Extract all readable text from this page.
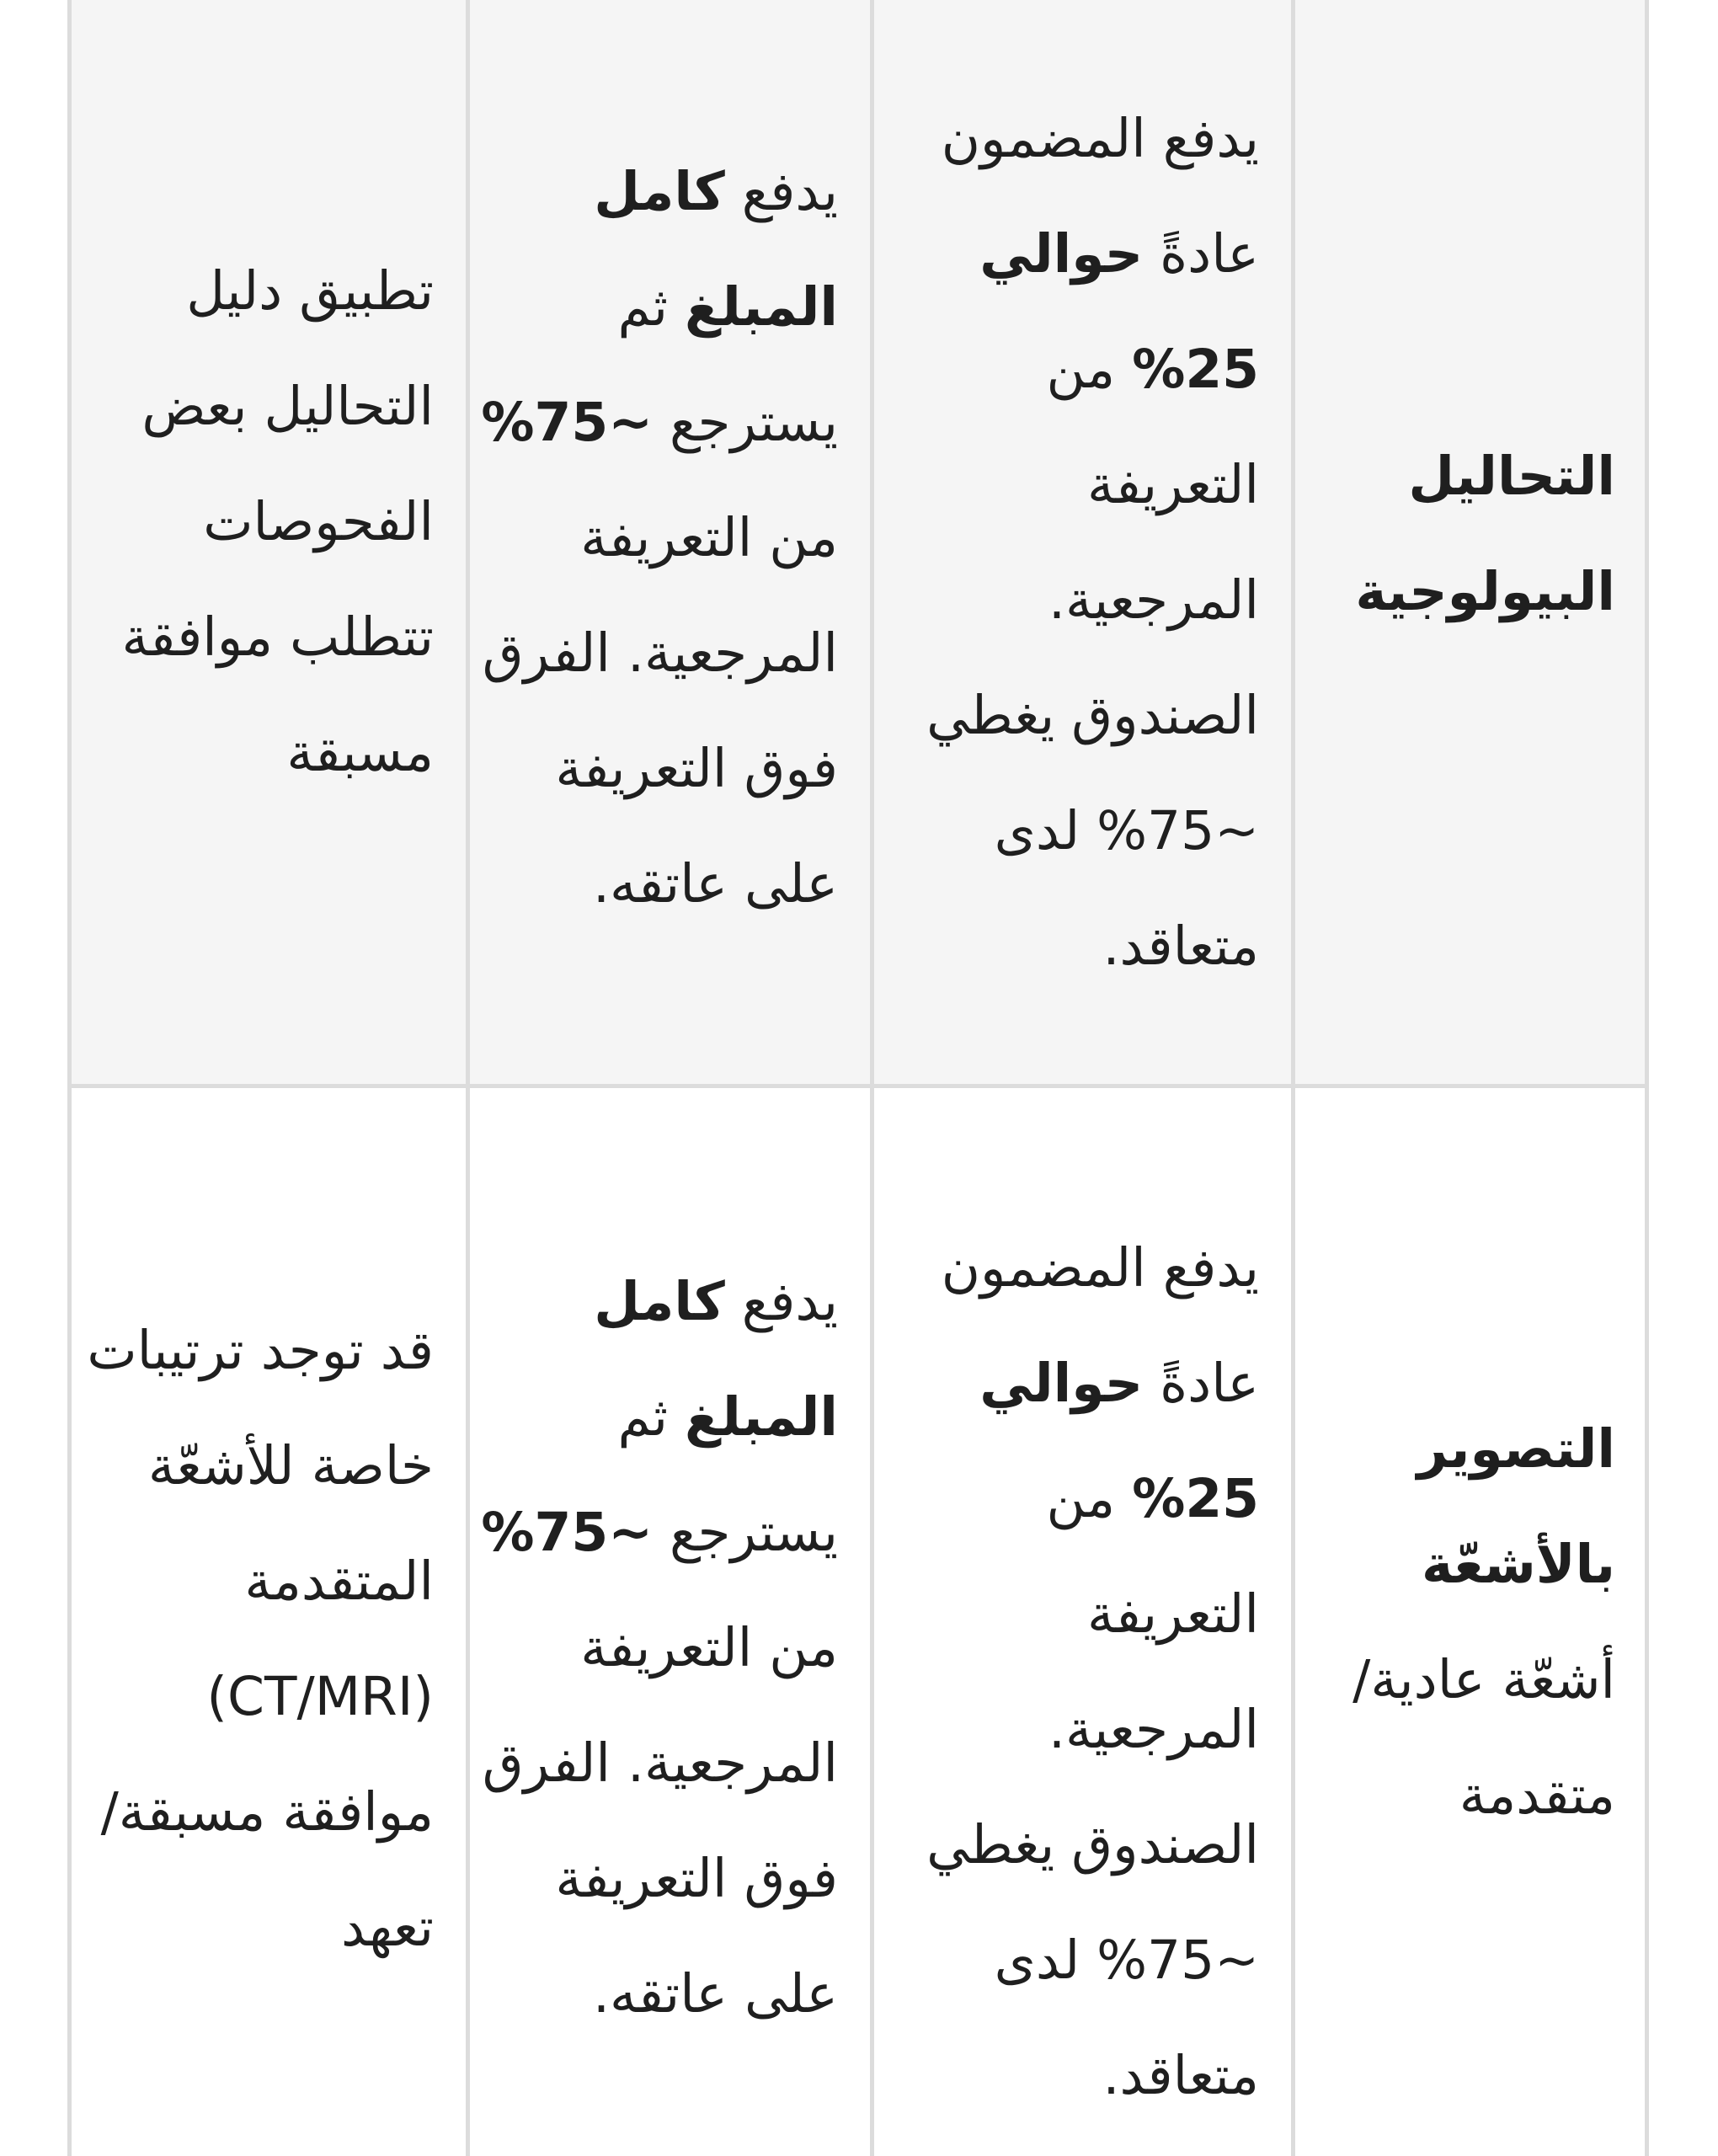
التحاليل البيولوجية
يدفع المضمون عادةً حوالي 25% من التعريفة المرجعية. الصندوق يغطي ~75% لدى متعاقد.
يدفع كامل المبلغ ثم يسترجع ~75% من التعريفة المرجعية. الفرق فوق التعريفة على عاتقه.
تطبيق دليل التحاليل بعض الفحوصات تتطلب موافقة مسبقة
التصوير بالأشعّة أشعّة عادية/متقدمة
يدفع المضمون عادةً حوالي 25% من التعريفة المرجعية. الصندوق يغطي ~75% لدى متعاقد.
يدفع كامل المبلغ ثم يسترجع ~75% من التعريفة المرجعية. الفرق فوق التعريفة على عاتقه.
قد توجد ترتيبات خاصة للأشعّة المتقدمة (CT/MRI) موافقة مسبقة/تعهد
